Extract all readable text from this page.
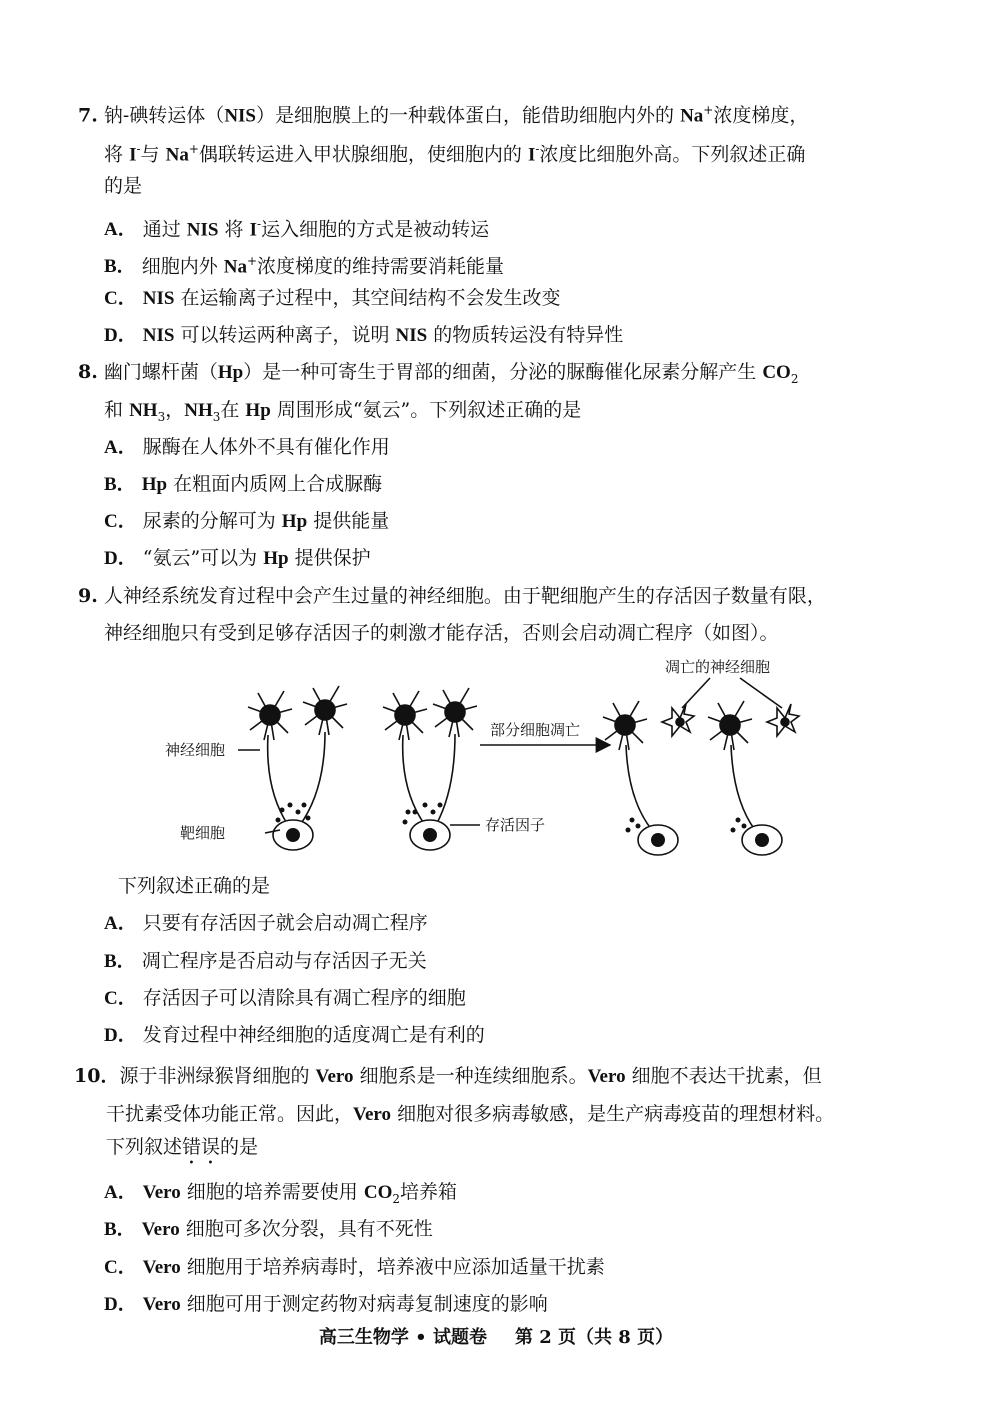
7. 钠-碘转运体（NIS）是细胞膜上的一种载体蛋白，能借助细胞内外的 Na+浓度梯度，
将 I-与 Na+偶联转运进入甲状腺细胞，使细胞内的 I-浓度比细胞外高。下列叙述正确
的是
A． 通过 NIS 将 I-运入细胞的方式是被动转运
B． 细胞内外 Na+浓度梯度的维持需要消耗能量
C． NIS 在运输离子过程中，其空间结构不会发生改变
D． NIS 可以转运两种离子，说明 NIS 的物质转运没有特异性
8. 幽门螺杆菌（Hp）是一种可寄生于胃部的细菌，分泌的脲酶催化尿素分解产生 $CO_2$
和 $NH_3$，$NH_3$在 Hp 周围形成“氨云”。下列叙述正确的是
A． 脲酶在人体外不具有催化作用
B． Hp 在粗面内质网上合成脲酶
C． 尿素的分解可为 Hp 提供能量
D． “氨云”可以为 Hp 提供保护
9. 人神经系统发育过程中会产生过量的神经细胞。由于靶细胞产生的存活因子数量有限，
神经细胞只有受到足够存活因子的刺激才能存活，否则会启动凋亡程序（如图）。
神经细胞
靶细胞	存活因子
部分细胞凋亡
凋亡的神经细胞
下列叙述正确的是
A． 只要有存活因子就会启动凋亡程序
B． 凋亡程序是否启动与存活因子无关
C． 存活因子可以清除具有凋亡程序的细胞
D． 发育过程中神经细胞的适度凋亡是有利的
10．源于非洲绿猴肾细胞的 Vero 细胞系是一种连续细胞系。Vero 细胞不表达干扰素，但
干扰素受体功能正常。因此，Vero 细胞对很多病毒敏感，是生产病毒疫苗的理想材料。
下列叙述错误的是
A． Vero 细胞的培养需要使用 $CO_2$培养箱
B． Vero 细胞可多次分裂，具有不死性
C． Vero 细胞用于培养病毒时，培养液中应添加适量干扰素
D． Vero 细胞可用于测定药物对病毒复制速度的影响
高三生物学 • 试题卷 第 2 页（共 8 页）
